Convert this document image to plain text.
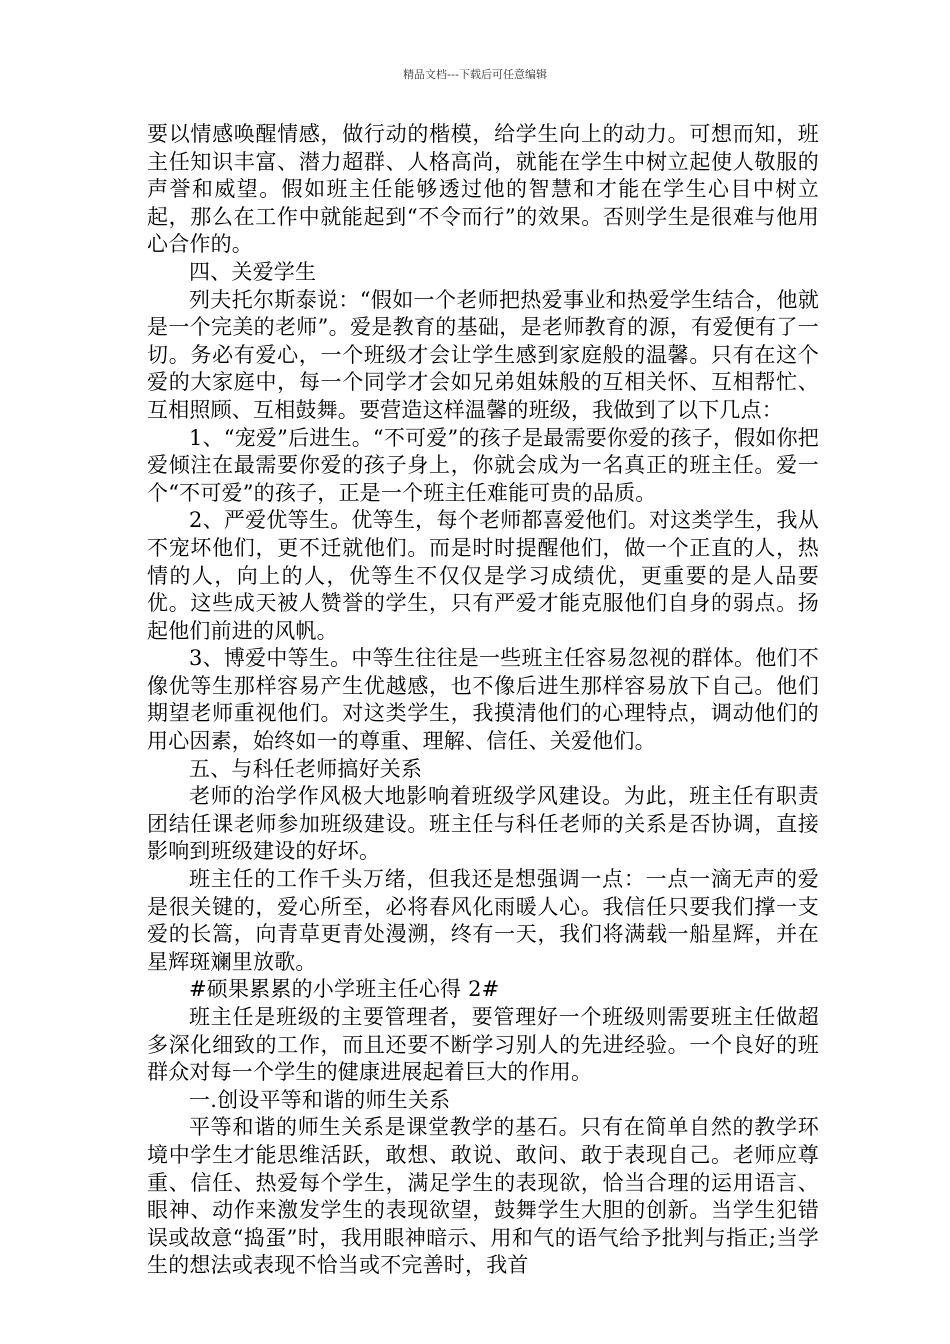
精品文档---下载后可任意编辑

要以情感唤醒情感，做行动的楷模，给学生向上的动力。可想而知，班主任知识丰富、潜力超群、人格高尚，就能在学生中树立起使人敬服的声誉和威望。假如班主任能够透过他的智慧和才能在学生心目中树立起，那么在工作中就能起到“不令而行”的效果。否则学生是很难与他用心合作的。

四、关爱学生

列夫托尔斯泰说：“假如一个老师把热爱事业和热爱学生结合，他就是一个完美的老师”。爱是教育的基础，是老师教育的源，有爱便有了一切。务必有爱心，一个班级才会让学生感到家庭般的温馨。只有在这个爱的大家庭中，每一个同学才会如兄弟姐妹般的互相关怀、互相帮忙、互相照顾、互相鼓舞。要营造这样温馨的班级，我做到了以下几点：

1、“宠爱”后进生。“不可爱”的孩子是最需要你爱的孩子，假如你把爱倾注在最需要你爱的孩子身上，你就会成为一名真正的班主任。爱一个“不可爱”的孩子，正是一个班主任难能可贵的品质。

2、严爱优等生。优等生，每个老师都喜爱他们。对这类学生，我从不宠坏他们，更不迁就他们。而是时时提醒他们，做一个正直的人，热情的人，向上的人，优等生不仅仅是学习成绩优，更重要的是人品要优。这些成天被人赞誉的学生，只有严爱才能克服他们自身的弱点。扬起他们前进的风帆。

3、博爱中等生。中等生往往是一些班主任容易忽视的群体。他们不像优等生那样容易产生优越感，也不像后进生那样容易放下自己。他们期望老师重视他们。对这类学生，我摸清他们的心理特点，调动他们的用心因素，始终如一的尊重、理解、信任、关爱他们。

五、与科任老师搞好关系

老师的治学作风极大地影响着班级学风建设。为此，班主任有职责团结任课老师参加班级建设。班主任与科任老师的关系是否协调，直接影响到班级建设的好坏。

班主任的工作千头万绪，但我还是想强调一点：一点一滴无声的爱是很关键的，爱心所至，必将春风化雨暖人心。我信任只要我们撑一支爱的长篙，向青草更青处漫溯，终有一天，我们将满载一船星辉，并在星辉斑斓里放歌。

#硕果累累的小学班主任心得 2#

班主任是班级的主要管理者，要管理好一个班级则需要班主任做超多深化细致的工作，而且还要不断学习别人的先进经验。一个良好的班群众对每一个学生的健康进展起着巨大的作用。

一.创设平等和谐的师生关系

平等和谐的师生关系是课堂教学的基石。只有在简单自然的教学环境中学生才能思维活跃，敢想、敢说、敢问、敢于表现自己。老师应尊重、信任、热爱每个学生，满足学生的表现欲，恰当合理的运用语言、眼神、动作来激发学生的表现欲望，鼓舞学生大胆的创新。当学生犯错误或故意“捣蛋”时，我用眼神暗示、用和气的语气给予批判与指正;当学生的想法或表现不恰当或不完善时，我首
